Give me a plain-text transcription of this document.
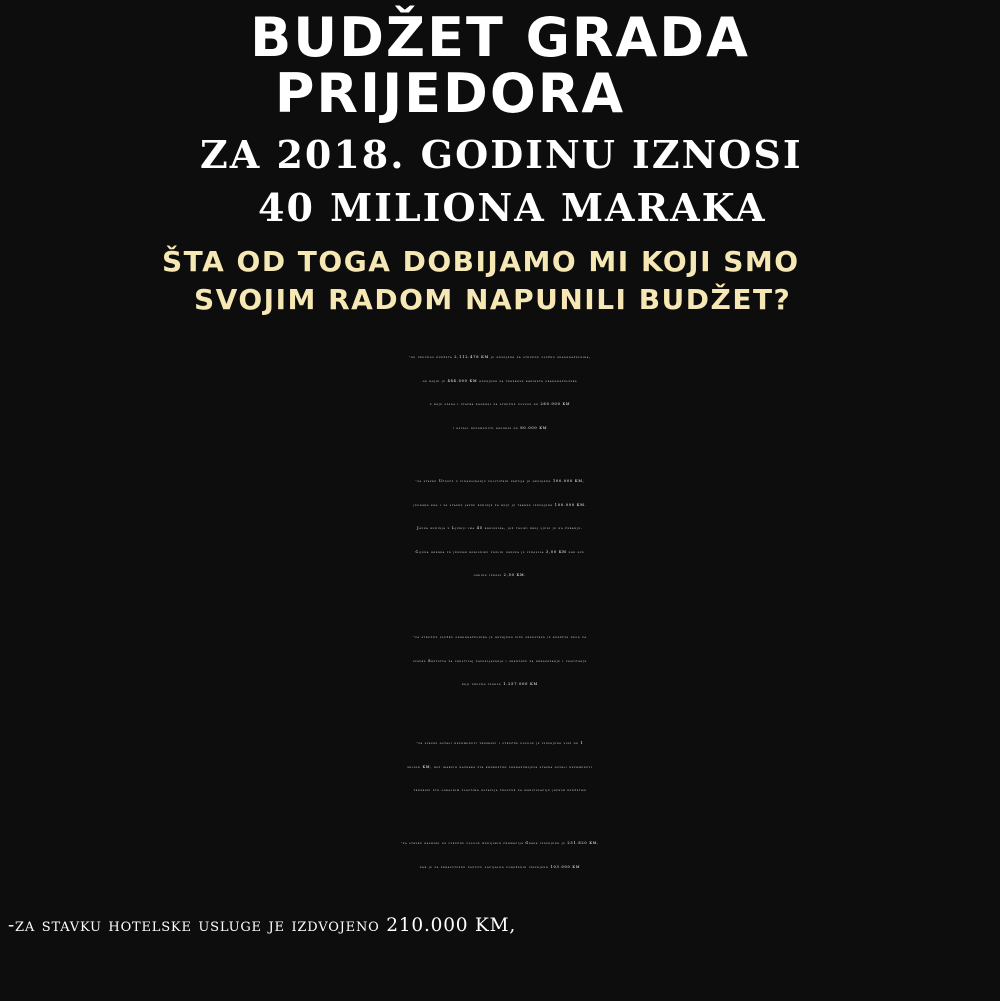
BUDŽET GRADA
PRIJEDORA
ZA 2018. GODINU IZNOSI
40 MILIONA MARAKA
ŠTA OD TOGA DOBIJAMO MI KOJI SMO
SVOJIM RADOM NAPUNILI BUDŽET?
-od ukupnog budžeta 2.112.476 KM je odvojeno za stručnu službu gradonačelnika,
od kojih je 484.000 KM odvojeno za troškove kabineta gradonačelnika
u koje spada i stavka rashodi za stručne usluge od 260.000 KM
i ostali nepomenuti rashodi od 80.000 KM
-za stavku Učešće u finansiranju političkih partija je odvojeno 100.000 KM,
jednako kao i za stavku javne kuhinje za koju je takođe izdvojeno 100.000 KM.
Javna kuhinja u Ljubiji ima 45 korisnika, još toliki broj ljudi je na čekanju.
Cijena obroka po jednom korisniku pošlih godina je iznosila 3,00 KM dok ove
godine iznosi 2,50 KM.
-za stručnu službu gradonačelnika je odvojeno više sredstava iz budžeta nego za
stavke Sretstva za podsticaj zapošljavanja i grantove za obrazovanje i vaspitanje
koji ukupno iznose 1.257.000 KM
-za stavke ostali nepomenuti troškovi i stručne usluge je izdvojeno više od 1
milion KM, bez ikakvih naznaka šta konkretno podrazumijeva stavka ostali nepomenuti
troškovi što lokalnim vlastima ostavlja prostor za manipulaciju javnim budžetom
-za stavku rashodi za stručne usluge medijskih promocija Grada izdvojeno je 231.820 KM,
dok je za zdravstvenu zaštitu socijalno ugroženih izdvojeno 103.000 KM
-za stavku hotelske usluge je izdvojeno 210.000 KM,
